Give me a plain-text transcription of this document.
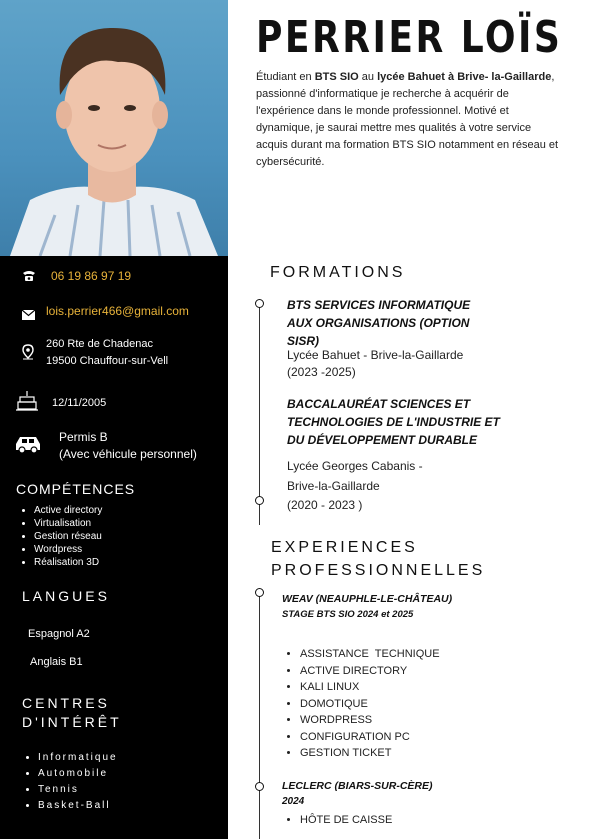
06 19 86 97 19
lois.perrier466@gmail.com
260 Rte de Chadenac
19500 Chauffour-sur-Vell
12/11/2005
Permis B
(Avec véhicule personnel)
COMPÉTENCES
• Active directory
• Virtualisation
• Gestion réseau
• Wordpress
• Réalisation 3D
LANGUES
Espagnol A2
Anglais B1
CENTRES
D'INTÉRÊT
• Informatique
• Automobile
• Tennis
• Basket-Ball
PERRIER LOÏS
Étudiant en BTS SIO au lycée Bahuet à Brive- la-Gaillarde, passionné d'informatique je recherche à acquérir de l'expérience dans le monde professionnel. Motivé et dynamique, je saurai mettre mes qualités à votre service acquis durant ma formation BTS SIO notamment en réseau et cybersécurité.
FORMATIONS
BTS SERVICES INFORMATIQUE
AUX ORGANISATIONS (OPTION
SISR)
Lycée Bahuet - Brive-la-Gaillarde
(2023 -2025)
BACCALAURÉAT SCIENCES ET
TECHNOLOGIES DE L'INDUSTRIE ET
DU DÉVELOPPEMENT DURABLE
Lycée Georges Cabanis -
Brive-la-Gaillarde
(2020 - 2023 )
EXPERIENCES
PROFESSIONNELLES
WEAV (NEAUPHLE-LE-CHÂTEAU)
STAGE BTS SIO 2024 et 2025
• ASSISTANCE  TECHNIQUE
• ACTIVE DIRECTORY
• KALI LINUX
• DOMOTIQUE
• WORDPRESS
• CONFIGURATION PC
• GESTION TICKET
LECLERC (BIARS-SUR-CÈRE)
2024
• HÔTE DE CAISSE
